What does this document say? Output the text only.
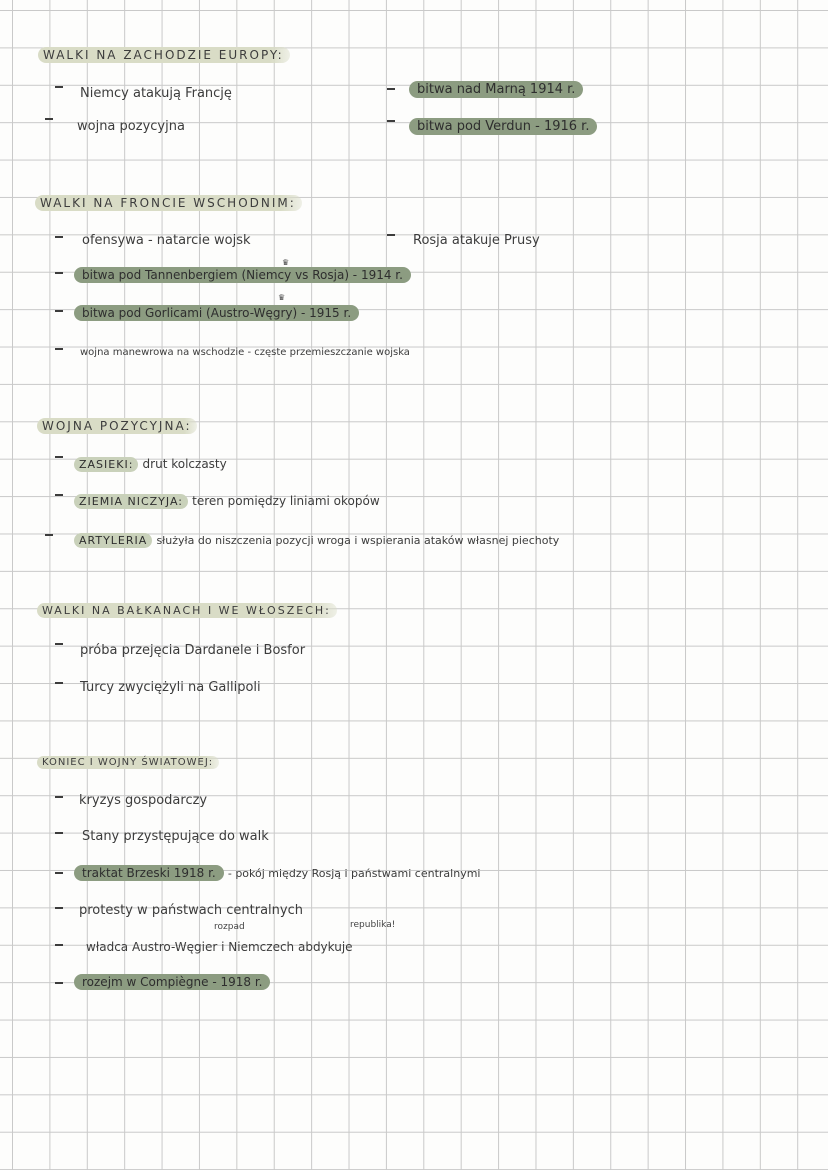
WALKI NA ZACHODZIE EUROPY:
Niemcy atakują Francję
wojna pozycyjna
bitwa nad Marną 1914 r.
bitwa pod Verdun - 1916 r.
WALKI NA FRONCIE WSCHODNIM:
ofensywa - natarcie wojsk	Rosja atakuje Prusy
♛
bitwa pod Tannenbergiem (Niemcy vs Rosja) - 1914 r.
♛
bitwa pod Gorlicami (Austro-Węgry) - 1915 r.
wojna manewrowa na wschodzie - częste przemieszczanie wojska
WOJNA POZYCYJNA:
ZASIEKI: drut kolczasty
ZIEMIA NICZYJA: teren pomiędzy liniami okopów
ARTYLERIA służyła do niszczenia pozycji wroga i wspierania ataków własnej piechoty
WALKI NA BAŁKANACH I WE WŁOSZECH:
próba przejęcia Dardanele i Bosfor
Turcy zwyciężyli na Gallipoli
KONIEC I WOJNY ŚWIATOWEJ:
kryzys gospodarczy
Stany przystępujące do walk
traktat Brzeski 1918 r. - pokój między Rosją i państwami centralnymi
protesty w państwach centralnych
rozpad	republika!
władca Austro-Węgier i Niemczech abdykuje
rozejm w Compiègne - 1918 r.
